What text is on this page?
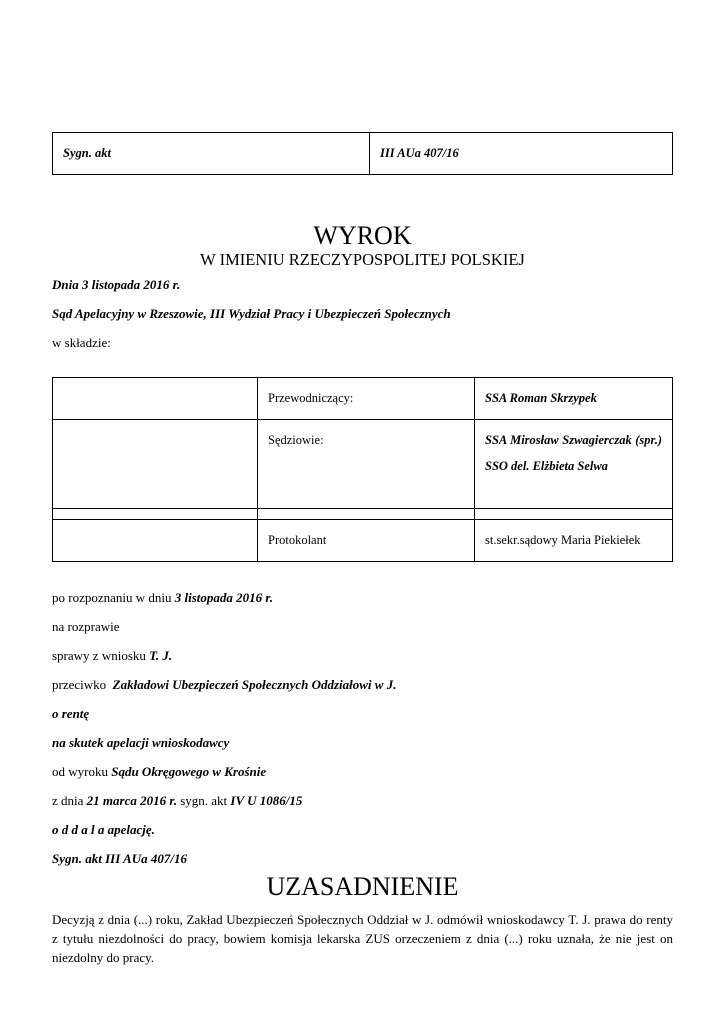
Sygn. akt	III AUa 407/16
WYROK
W IMIENIU RZECZYPOSPOLITEJ POLSKIEJ
Dnia 3 listopada 2016 r.
Sąd Apelacyjny w Rzeszowie, III Wydział Pracy i Ubezpieczeń Społecznych
w składzie:
	Przewodniczący:	SSA Roman Skrzypek
	Sędziowie:	SSA Mirosław Szwagierczak (spr.)
SSO del. Elżbieta Selwa

	Protokolant	st.sekr.sądowy Maria Piekiełek
po rozpoznaniu w dniu 3 listopada 2016 r.
na rozprawie
sprawy z wniosku T. J.
przeciwko  Zakładowi Ubezpieczeń Społecznych Oddziałowi w J.
o rentę
na skutek apelacji wnioskodawcy
od wyroku Sądu Okręgowego w Krośnie
z dnia 21 marca 2016 r. sygn. akt IV U 1086/15
o d d a l a apelację.
Sygn. akt III AUa 407/16
UZASADNIENIE
Decyzją z dnia (...) roku, Zakład Ubezpieczeń Społecznych Oddział w J. odmówił wnioskodawcy T. J. prawa do renty z tytułu niezdolności do pracy, bowiem komisja lekarska ZUS orzeczeniem z dnia (...) roku uznała, że nie jest on niezdolny do pracy.
